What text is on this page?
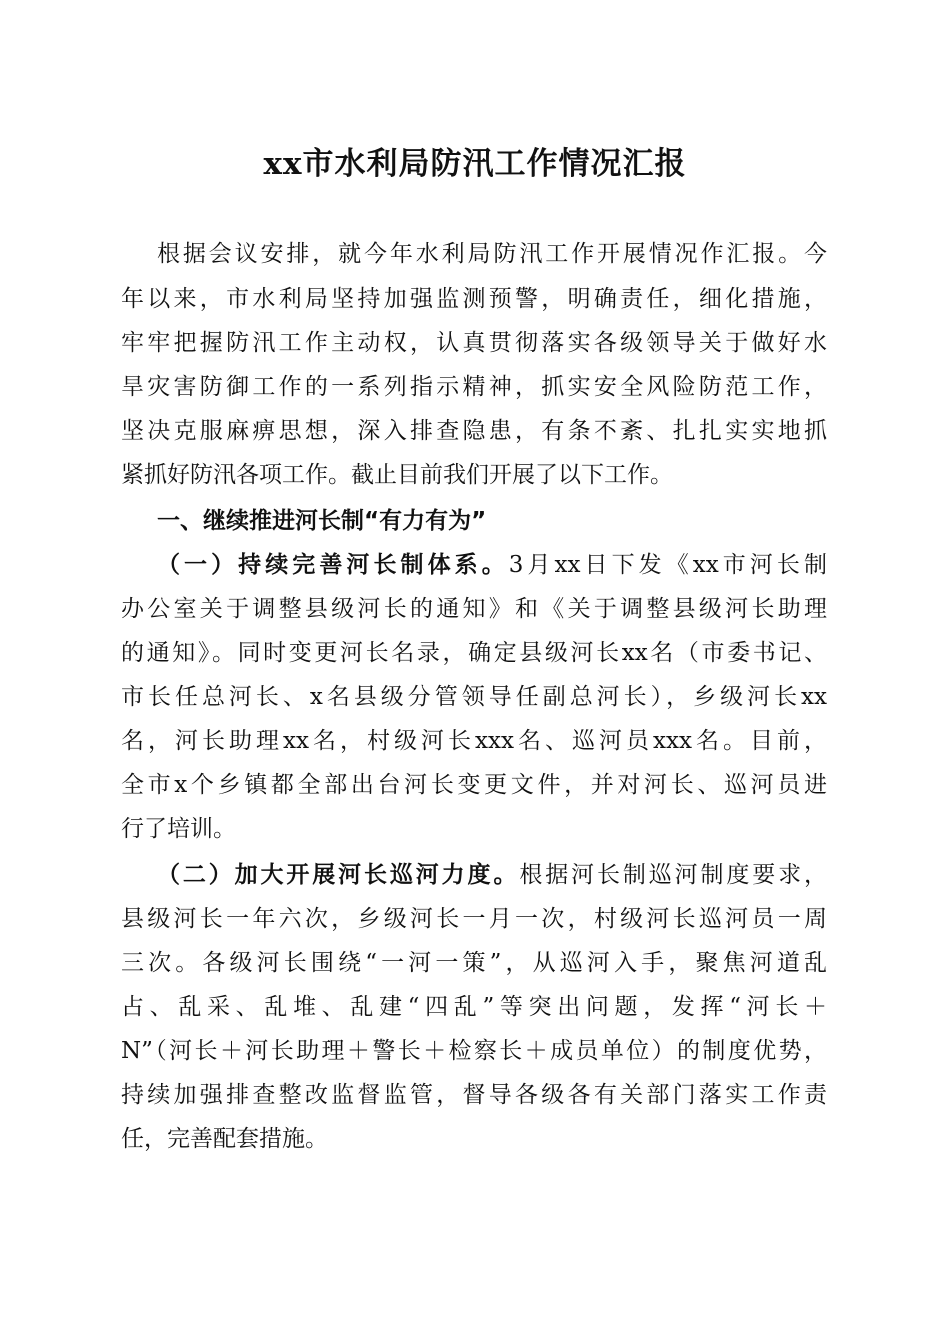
xx市水利局防汛工作情况汇报
根据会议安排，就今年水利局防汛工作开展情况作汇报。今
年以来，市水利局坚持加强监测预警，明确责任，细化措施，
牢牢把握防汛工作主动权，认真贯彻落实各级领导关于做好水
旱灾害防御工作的一系列指示精神，抓实安全风险防范工作，
坚决克服麻痹思想，深入排查隐患，有条不紊、扎扎实实地抓
紧抓好防汛各项工作。截止目前我们开展了以下工作。
一、继续推进河长制“有力有为”
（一）持续完善河长制体系。3月xx日下发《xx市河长制
办公室关于调整县级河长的通知》和《关于调整县级河长助理
的通知》。同时变更河长名录，确定县级河长xx名（市委书记、
市长任总河长、x名县级分管领导任副总河长），乡级河长xx
名，河长助理xx名，村级河长xxx名、巡河员xxx名。目前，
全市x个乡镇都全部出台河长变更文件，并对河长、巡河员进
行了培训。
（二）加大开展河长巡河力度。根据河长制巡河制度要求，
县级河长一年六次，乡级河长一月一次，村级河长巡河员一周
三次。各级河长围绕“一河一策”，从巡河入手，聚焦河道乱
占、乱采、乱堆、乱建“四乱”等突出问题，发挥“河长＋
N”（河长＋河长助理＋警长＋检察长＋成员单位）的制度优势，
持续加强排查整改监督监管，督导各级各有关部门落实工作责
任，完善配套措施。
